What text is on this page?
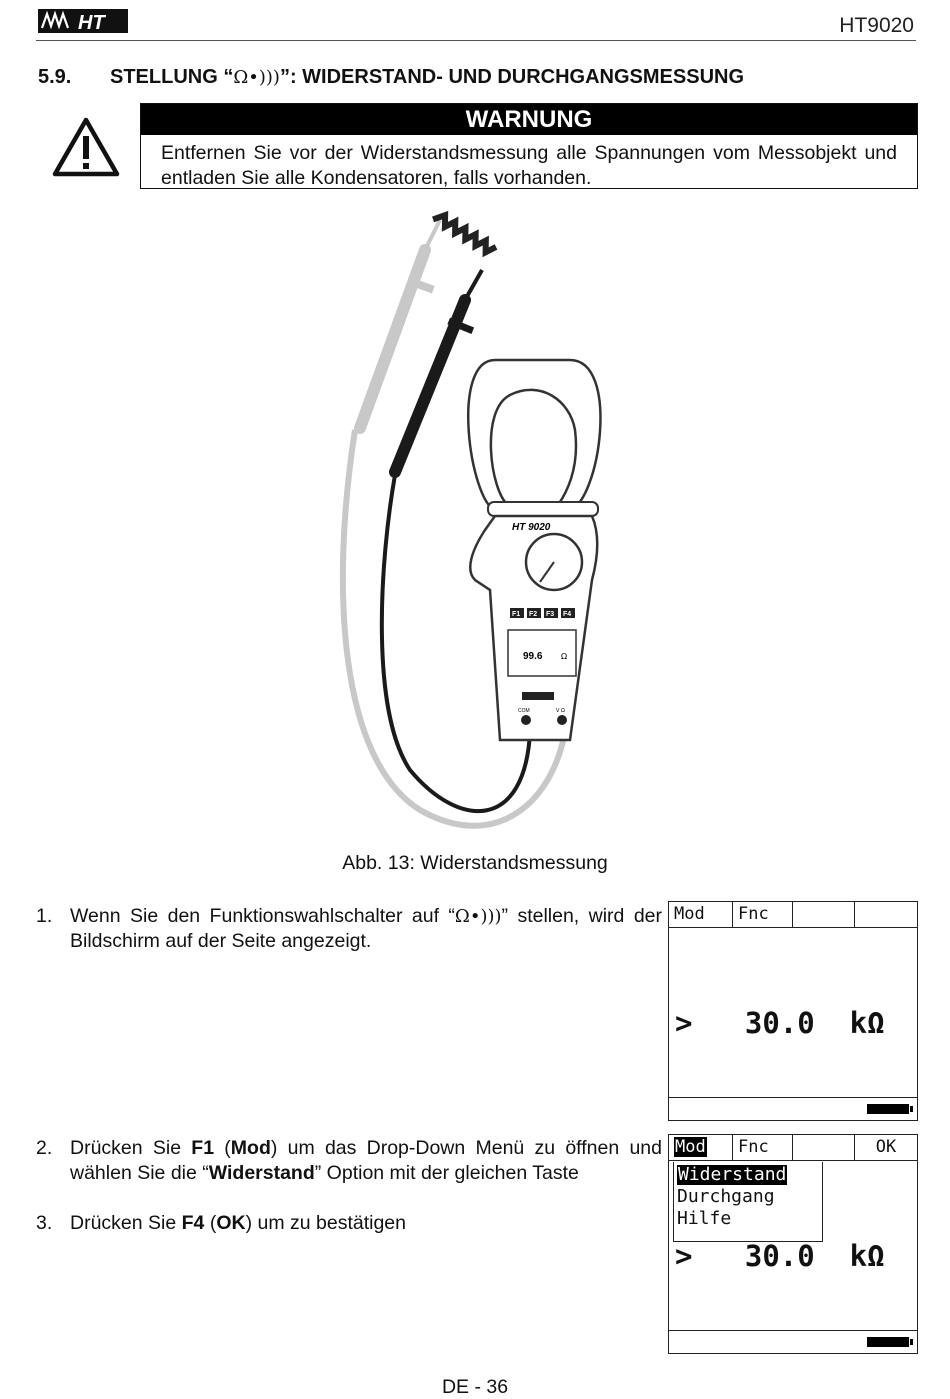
HT	HT9020
5.9. STELLUNG “Ω•)))”: WIDERSTAND- UND DURCHGANGSMESSUNG
WARNUNG
Entfernen Sie vor der Widerstandsmessung alle Spannungen vom Messobjekt und entladen Sie alle Kondensatoren, falls vorhanden.
HT 9020
F1 F2 F3 F4
99.6 Ω
COM	V Ω
Abb. 13: Widerstandsmessung
1. Wenn Sie den Funktionswahlschalter auf “Ω•)))” stellen, wird der Bildschirm auf der Seite angezeigt.
2. Drücken Sie F1 (Mod) um das Drop-Down Menü zu öffnen und wählen Sie die “Widerstand” Option mit der gleichen Taste
3. Drücken Sie F4 (OK) um zu bestätigen
Mod	Fnc
> 30.0 kΩ
Mod	Fnc	OK
Widerstand
Durchgang
Hilfe
> 30.0 kΩ
DE - 36
